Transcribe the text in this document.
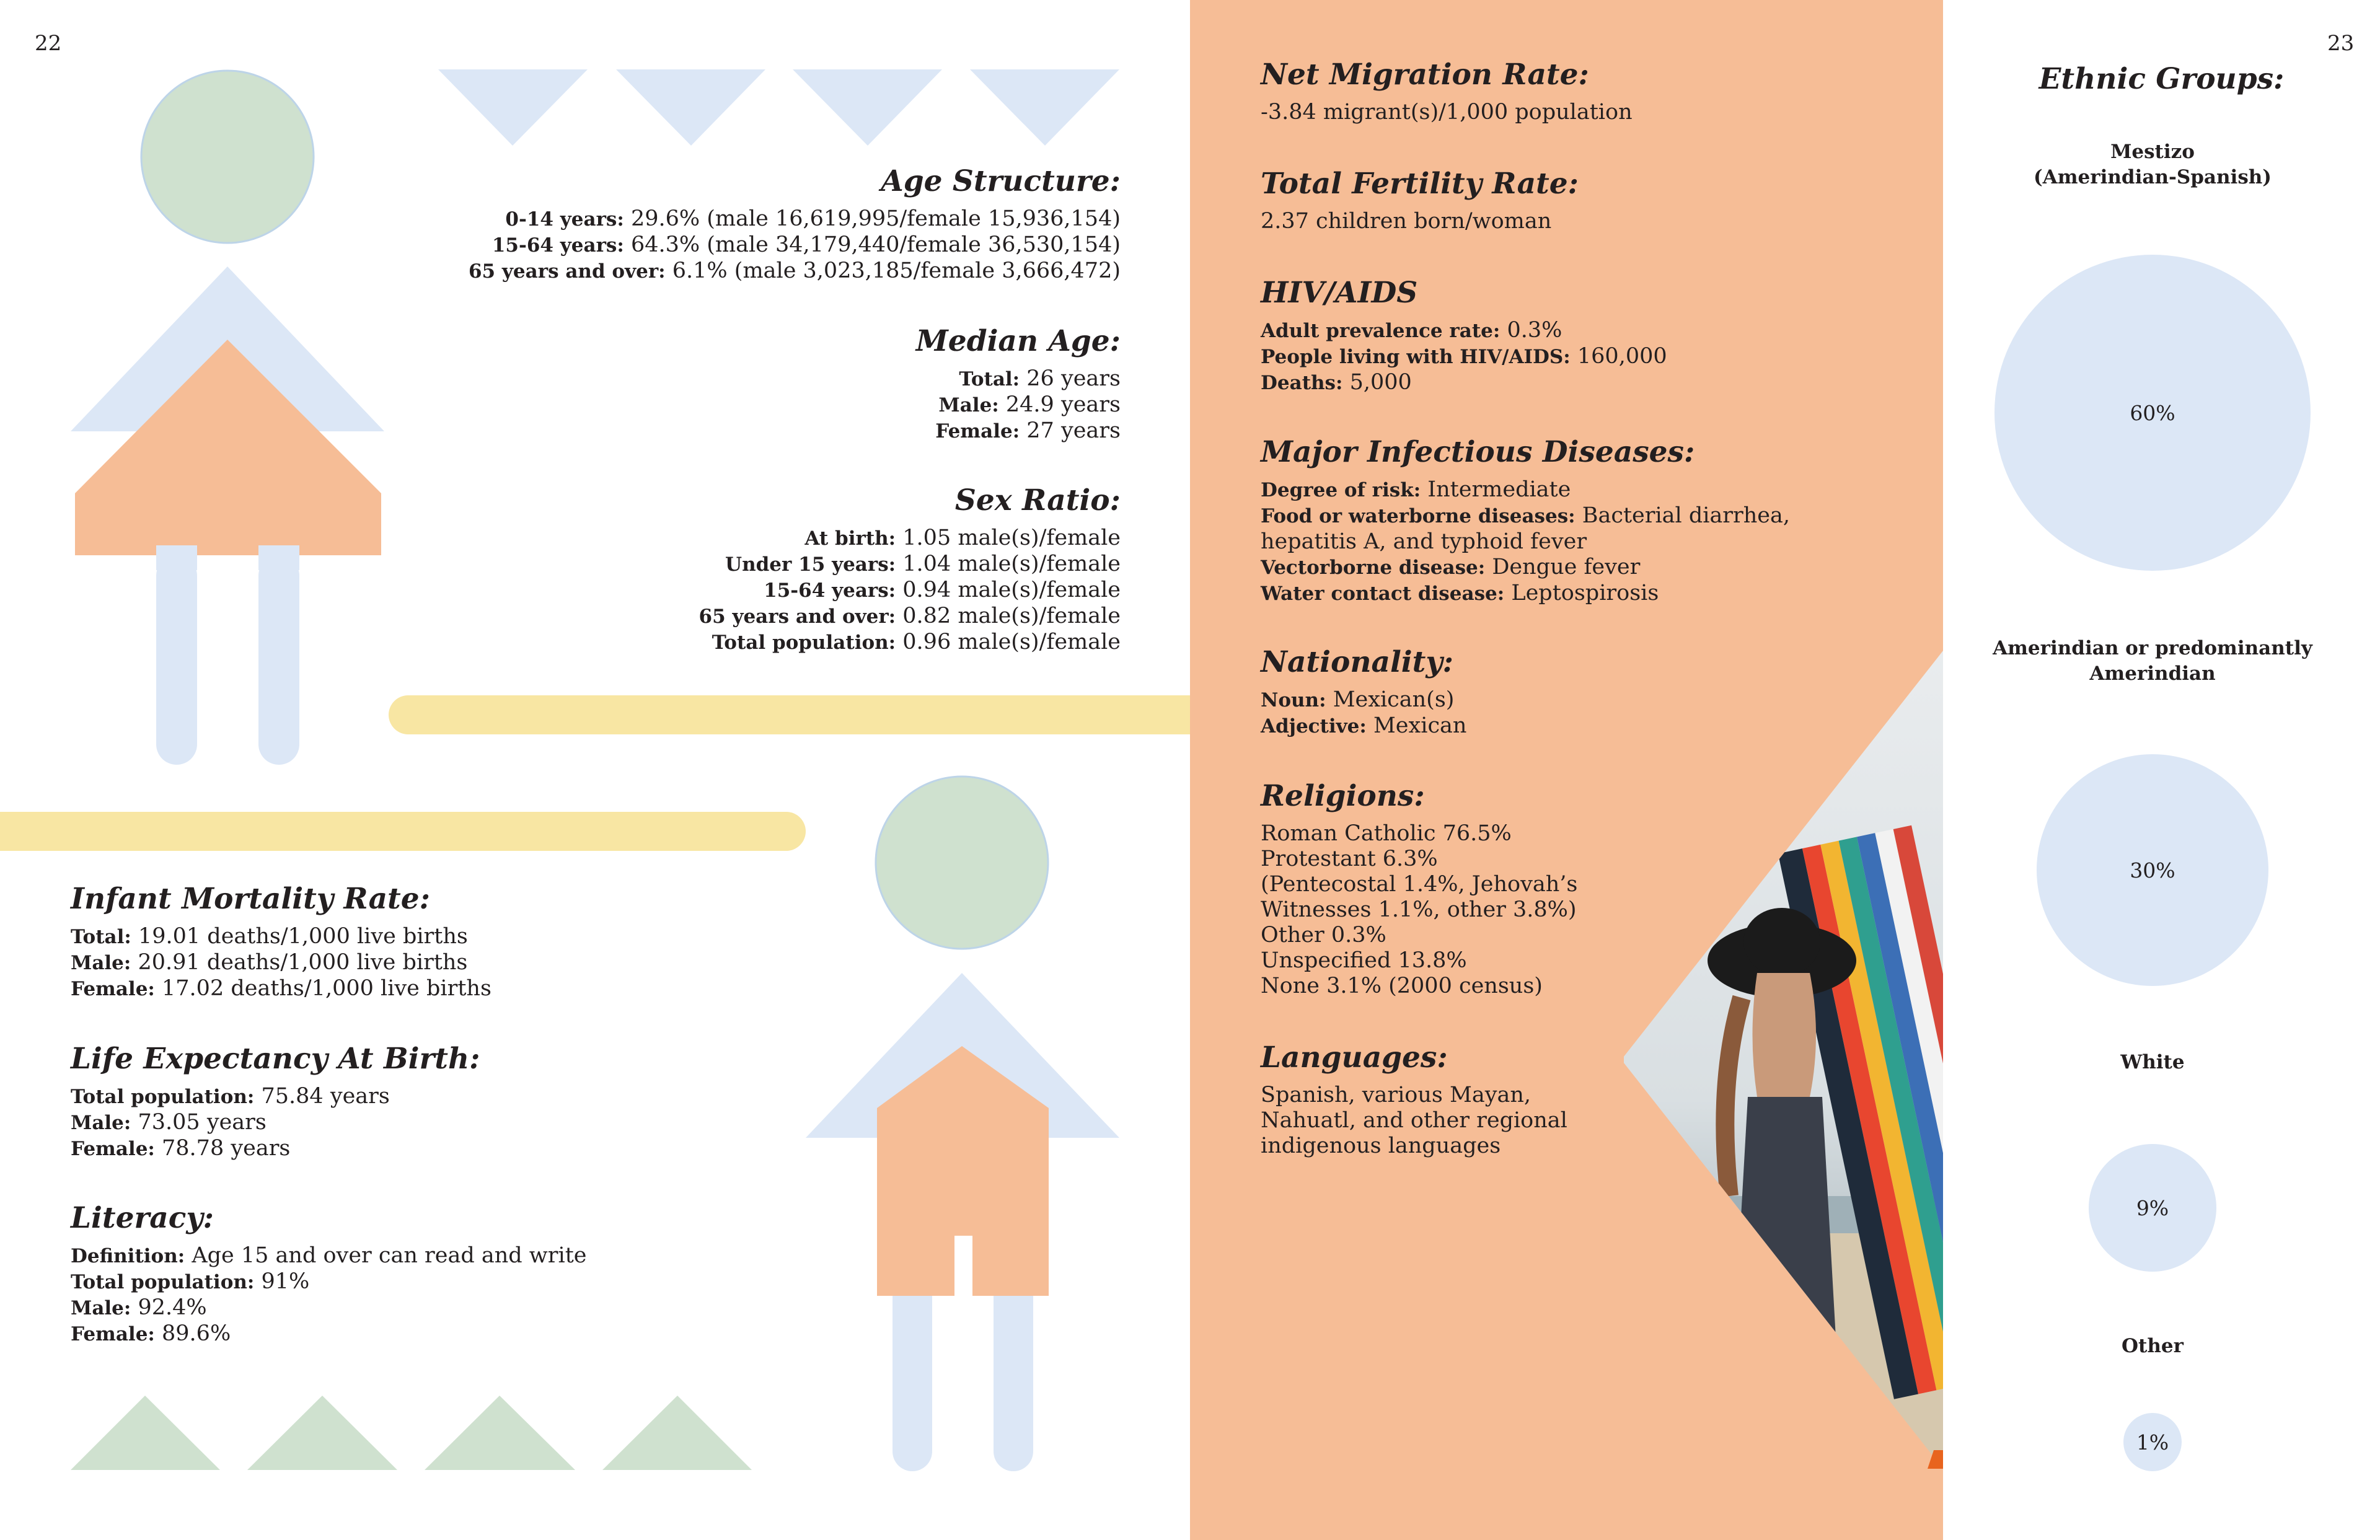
22
Age Structure:
0-14 years: 29.6% (male 16,619,995/female 15,936,154)
15-64 years: 64.3% (male 34,179,440/female 36,530,154)
65 years and over: 6.1% (male 3,023,185/female 3,666,472)
Median Age:
Total: 26 years
Male: 24.9 years
Female: 27 years
Sex Ratio:
At birth: 1.05 male(s)/female
Under 15 years: 1.04 male(s)/female
15-64 years: 0.94 male(s)/female
65 years and over: 0.82 male(s)/female
Total population: 0.96 male(s)/female
Infant Mortality Rate:
Total: 19.01 deaths/1,000 live births
Male: 20.91 deaths/1,000 live births
Female: 17.02 deaths/1,000 live births
Life Expectancy At Birth:
Total population: 75.84 years
Male: 73.05 years
Female: 78.78 years
Literacy:
Definition: Age 15 and over can read and write
Total population: 91%
Male: 92.4%
Female: 89.6%
Net Migration Rate:
-3.84 migrant(s)/1,000 population
Total Fertility Rate:
2.37 children born/woman
HIV/AIDS
Adult prevalence rate: 0.3%
People living with HIV/AIDS: 160,000
Deaths: 5,000
Major Infectious Diseases:
Degree of risk: Intermediate
Food or waterborne diseases: Bacterial diarrhea,
hepatitis A, and typhoid fever
Vectorborne disease: Dengue fever
Water contact disease: Leptospirosis
Nationality:
Noun: Mexican(s)
Adjective: Mexican
Religions:
Roman Catholic 76.5%
Protestant 6.3%
(Pentecostal 1.4%, Jehovah’s
Witnesses 1.1%, other 3.8%)
Other 0.3%
Unspecified 13.8%
None 3.1% (2000 census)
Languages:
Spanish, various Mayan,
Nahuatl, and other regional
indigenous languages
23
Ethnic Groups:
Mestizo
(Amerindian-Spanish)
60%
Amerindian or predominantly
Amerindian
30%
White
9%
Other
1%
